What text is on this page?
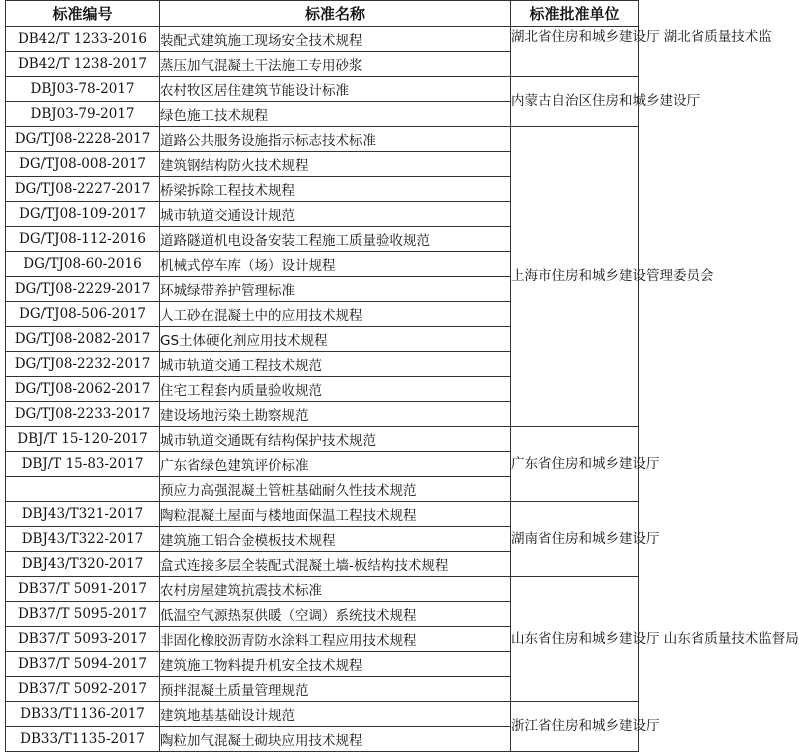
标准编号	标准名称	标准批准单位
DB42/T 1233-2016	装配式建筑施工现场安全技术规程	湖北省住房和城乡建设厅 湖北省质量技术监

DB42/T 1238-2017	蒸压加气混凝土干法施工专用砂浆	
DBJ03-78-2017	农村牧区居住建筑节能设计标准	内蒙古自治区住房和城乡建设厅
DBJ03-79-2017	绿色施工技术规程	
DG/TJ08-2228-2017	道路公共服务设施指示标志技术标准	上海市住房和城乡建设管理委员会
DG/TJ08-008-2017	建筑钢结构防火技术规程	
DG/TJ08-2227-2017	桥梁拆除工程技术规程	
DG/TJ08-109-2017	城市轨道交通设计规范	
DG/TJ08-112-2016	道路隧道机电设备安装工程施工质量验收规范	
DG/TJ08-60-2016	机械式停车库（场）设计规程	
DG/TJ08-2229-2017	环城绿带养护管理标准	
DG/TJ08-506-2017	人工砂在混凝土中的应用技术规程	
DG/TJ08-2082-2017	GS土体硬化剂应用技术规程	
DG/TJ08-2232-2017	城市轨道交通工程技术规范	
DG/TJ08-2062-2017	住宅工程套内质量验收规范	
DG/TJ08-2233-2017	建设场地污染土勘察规范	
DBJ/T 15-120-2017	城市轨道交通既有结构保护技术规范	广东省住房和城乡建设厅
DBJ/T 15-83-2017	广东省绿色建筑评价标准	
	预应力高强混凝土管桩基础耐久性技术规范	
DBJ43/T321-2017	陶粒混凝土屋面与楼地面保温工程技术规程	湖南省住房和城乡建设厅
DBJ43/T322-2017	建筑施工铝合金模板技术规程	
DBJ43/T320-2017	盒式连接多层全装配式混凝土墙-板结构技术规程	
DB37/T 5091-2017	农村房屋建筑抗震技术标准	山东省住房和城乡建设厅 山东省质量技术监督局
DB37/T 5095-2017	低温空气源热泵供暖（空调）系统技术规程	
DB37/T 5093-2017	非固化橡胶沥青防水涂料工程应用技术规程	
DB37/T 5094-2017	建筑施工物料提升机安全技术规程	
DB37/T 5092-2017	预拌混凝土质量管理规范	
DB33/T1136-2017	建筑地基基础设计规范	浙江省住房和城乡建设厅
DB33/T1135-2017	陶粒加气混凝土砌块应用技术规程	
